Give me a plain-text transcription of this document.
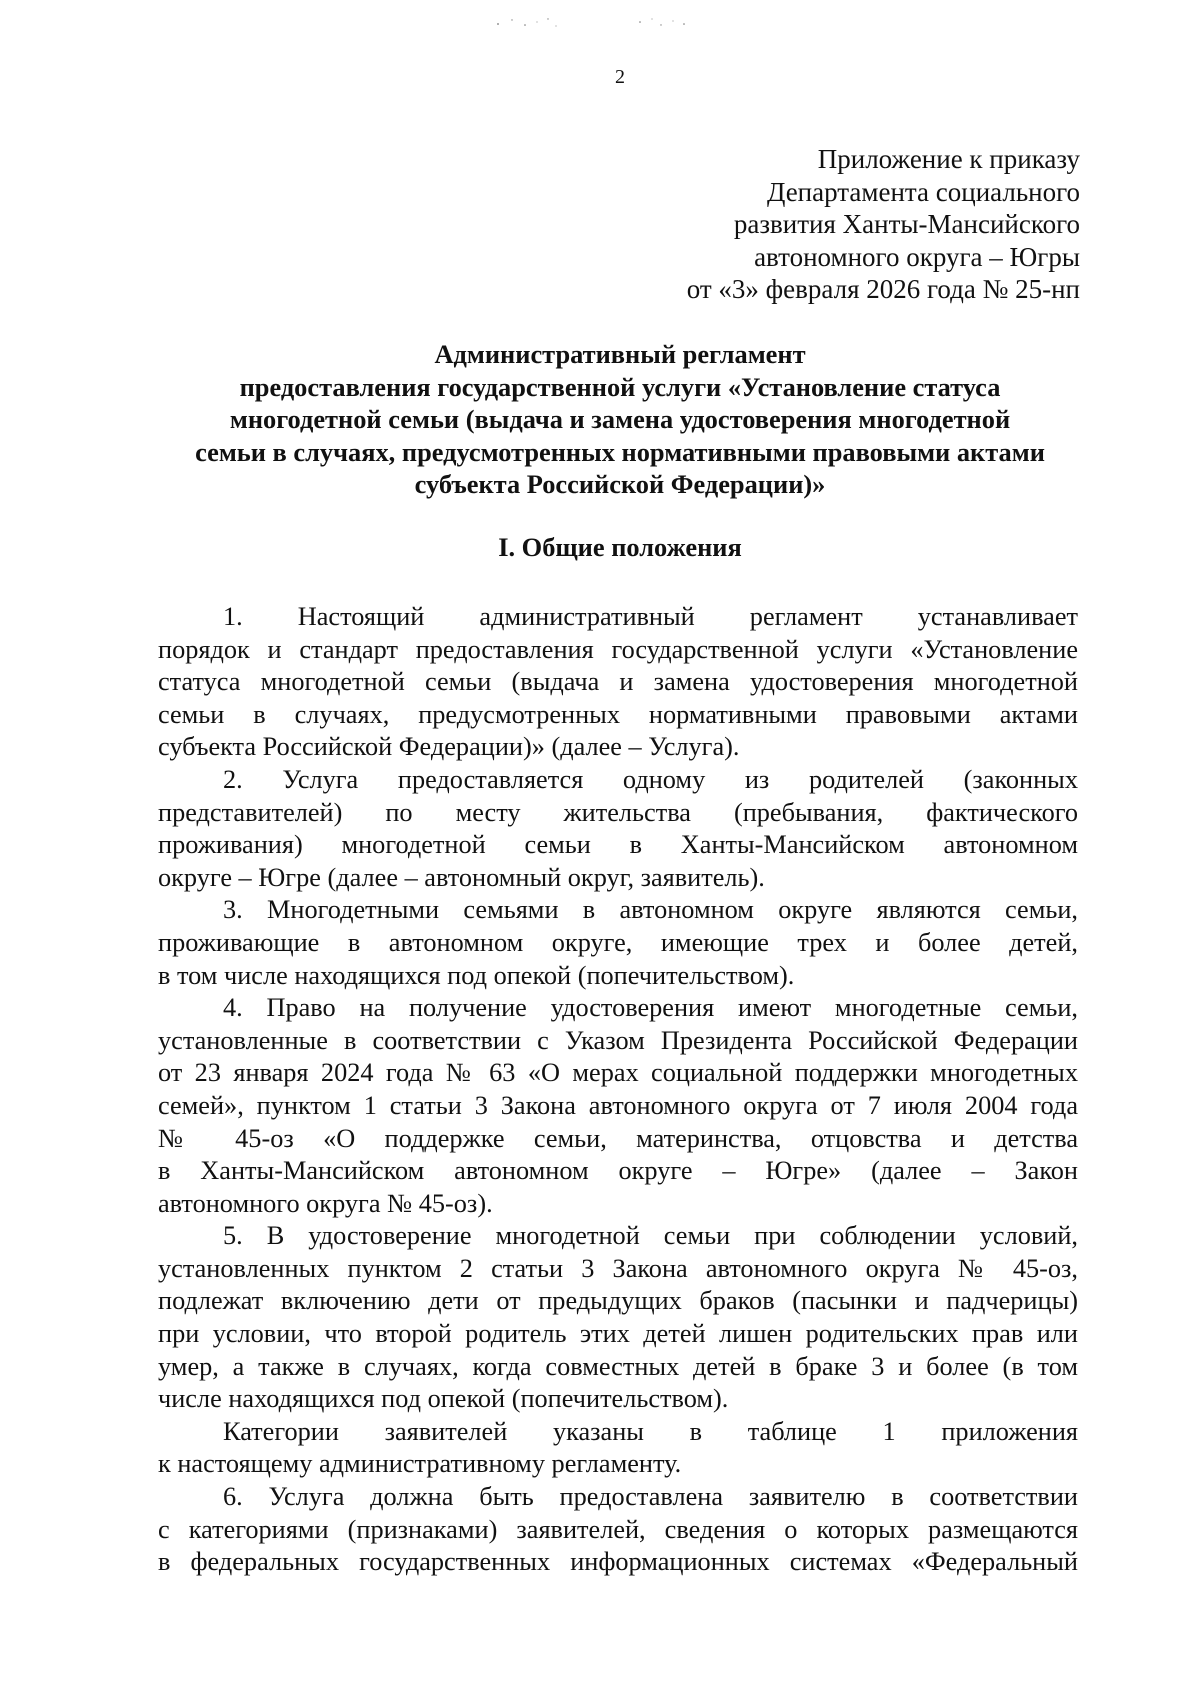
2
Приложение к приказу
Департамента социального
развития Ханты-Мансийского
автономного округа – Югры
от «3» февраля 2026 года № 25-нп
Административный регламент
предоставления государственной услуги «Установление статуса
многодетной семьи (выдача и замена удостоверения многодетной
семьи в случаях, предусмотренных нормативными правовыми актами
субъекта Российской Федерации)»
I. Общие положения
1. Настоящий административный регламент устанавливает
порядок и стандарт предоставления государственной услуги «Установление
статуса многодетной семьи (выдача и замена удостоверения многодетной
семьи в случаях, предусмотренных нормативными правовыми актами
субъекта Российской Федерации)» (далее – Услуга).
2. Услуга предоставляется одному из родителей (законных
представителей) по месту жительства (пребывания, фактического
проживания) многодетной семьи в Ханты-Мансийском автономном
округе – Югре (далее – автономный округ, заявитель).
3. Многодетными семьями в автономном округе являются семьи,
проживающие в автономном округе, имеющие трех и более детей,
в том числе находящихся под опекой (попечительством).
4. Право на получение удостоверения имеют многодетные семьи,
установленные в соответствии с Указом Президента Российской Федерации
от 23 января 2024 года № 63 «О мерах социальной поддержки многодетных
семей», пунктом 1 статьи 3 Закона автономного округа от 7 июля 2004 года
№ 45-оз «О поддержке семьи, материнства, отцовства и детства
в Ханты-Мансийском автономном округе – Югре» (далее – Закон
автономного округа № 45-оз).
5. В удостоверение многодетной семьи при соблюдении условий,
установленных пунктом 2 статьи 3 Закона автономного округа № 45-оз,
подлежат включению дети от предыдущих браков (пасынки и падчерицы)
при условии, что второй родитель этих детей лишен родительских прав или
умер, а также в случаях, когда совместных детей в браке 3 и более (в том
числе находящихся под опекой (попечительством).
Категории заявителей указаны в таблице 1 приложения
к настоящему административному регламенту.
6. Услуга должна быть предоставлена заявителю в соответствии
с категориями (признаками) заявителей, сведения о которых размещаются
в федеральных государственных информационных системах «Федеральный
